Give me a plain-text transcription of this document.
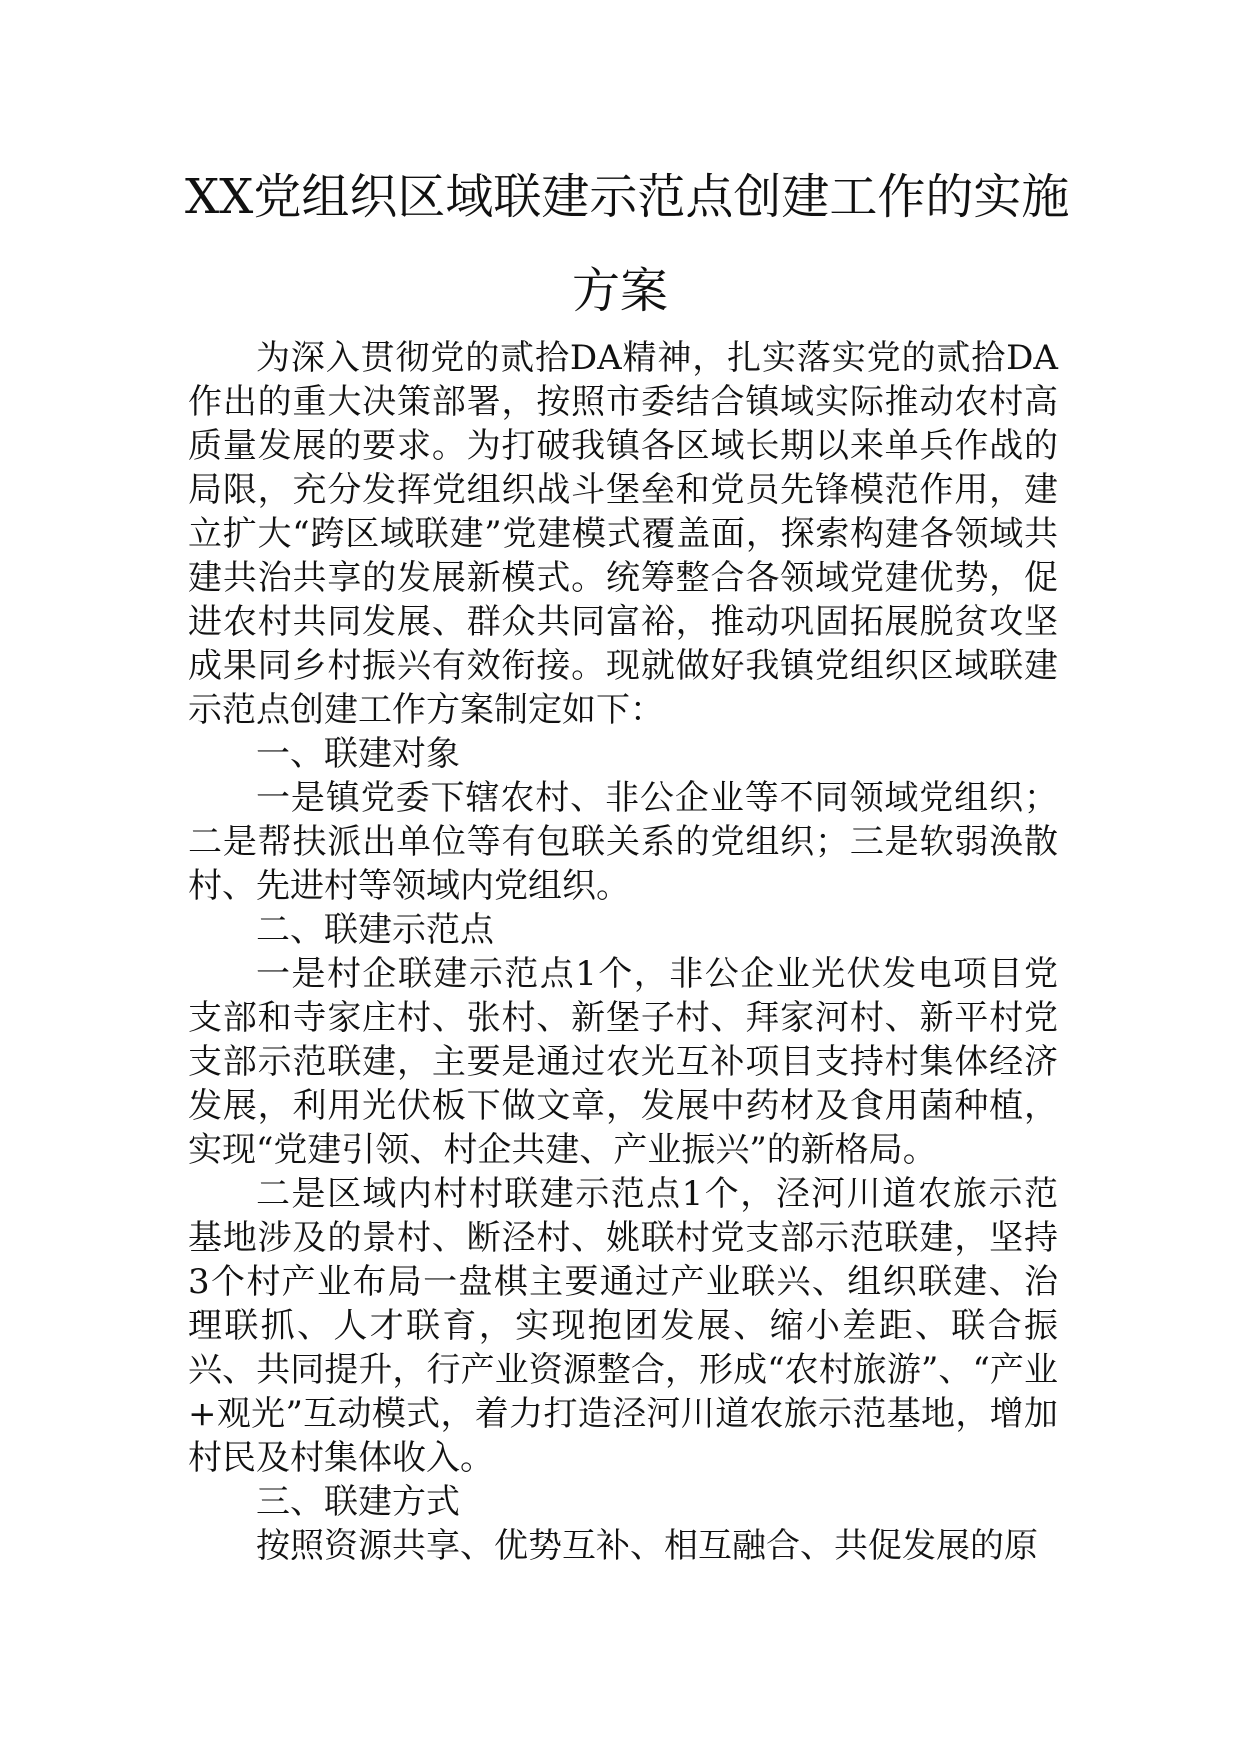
XX党组织区域联建示范点创建工作的实施
方案

为深入贯彻党的贰拾DA精神，扎实落实党的贰拾DA作出的重大决策部署，按照市委结合镇域实际推动农村高质量发展的要求。为打破我镇各区域长期以来单兵作战的局限，充分发挥党组织战斗堡垒和党员先锋模范作用，建立扩大“跨区域联建”党建模式覆盖面，探索构建各领域共建共治共享的发展新模式。统筹整合各领域党建优势，促进农村共同发展、群众共同富裕，推动巩固拓展脱贫攻坚成果同乡村振兴有效衔接。现就做好我镇党组织区域联建示范点创建工作方案制定如下：

一、联建对象

一是镇党委下辖农村、非公企业等不同领域党组织；二是帮扶派出单位等有包联关系的党组织；三是软弱涣散村、先进村等领域内党组织。

二、联建示范点

一是村企联建示范点1个，非公企业光伏发电项目党支部和寺家庄村、张村、新堡子村、拜家河村、新平村党支部示范联建，主要是通过农光互补项目支持村集体经济发展，利用光伏板下做文章，发展中药材及食用菌种植，实现“党建引领、村企共建、产业振兴”的新格局。

二是区域内村村联建示范点1个，泾河川道农旅示范基地涉及的景村、断泾村、姚联村党支部示范联建，坚持3个村产业布局一盘棋主要通过产业联兴、组织联建、治理联抓、人才联育，实现抱团发展、缩小差距、联合振兴、共同提升，行产业资源整合，形成“农村旅游”、“产业+观光”互动模式，着力打造泾河川道农旅示范基地，增加村民及村集体收入。

三、联建方式

按照资源共享、优势互补、相互融合、共促发展的原
